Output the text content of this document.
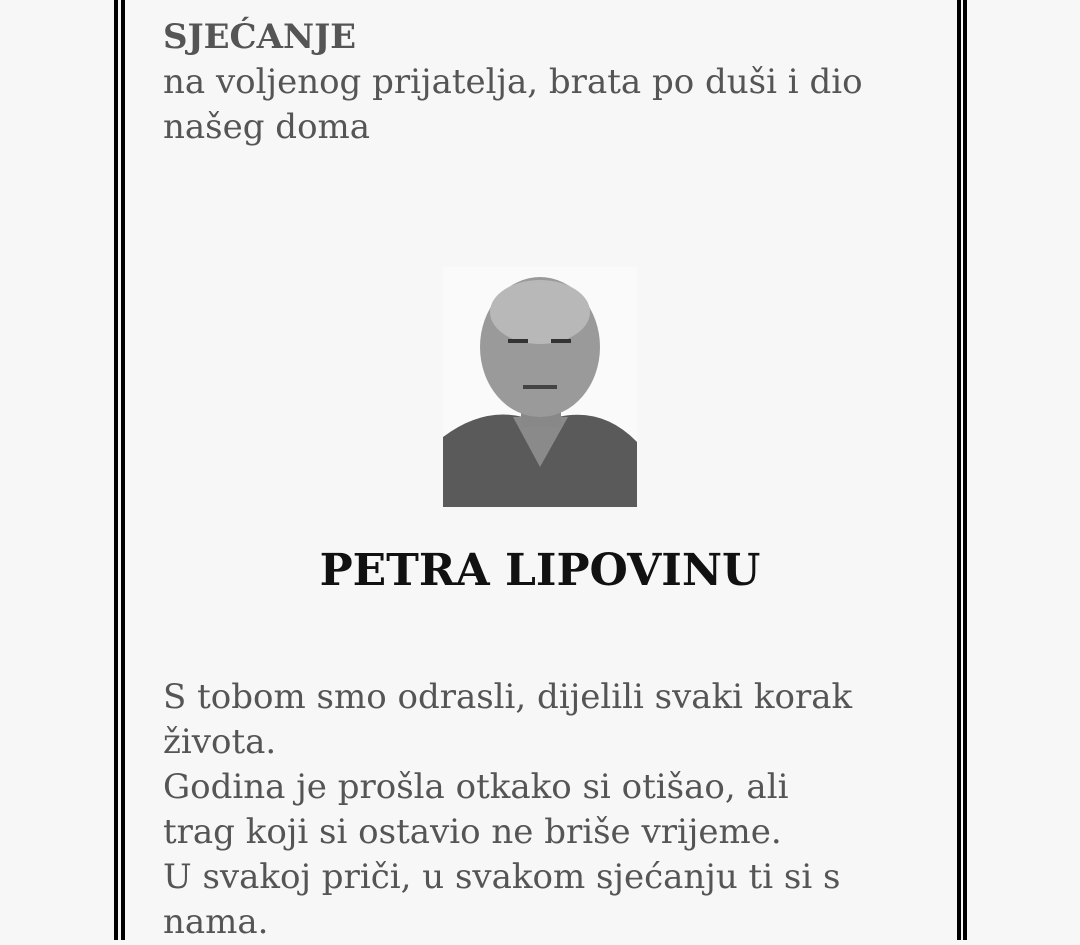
SJEĆANJE
na voljenog prijatelja, brata po duši i dio našeg doma
PETRA LIPOVINU
S tobom smo odrasli, dijelili svaki korak života.
Godina je prošla otkako si otišao, ali trag koji si ostavio ne briše vrijeme.
U svakoj priči, u svakom sjećanju ti si s nama.
